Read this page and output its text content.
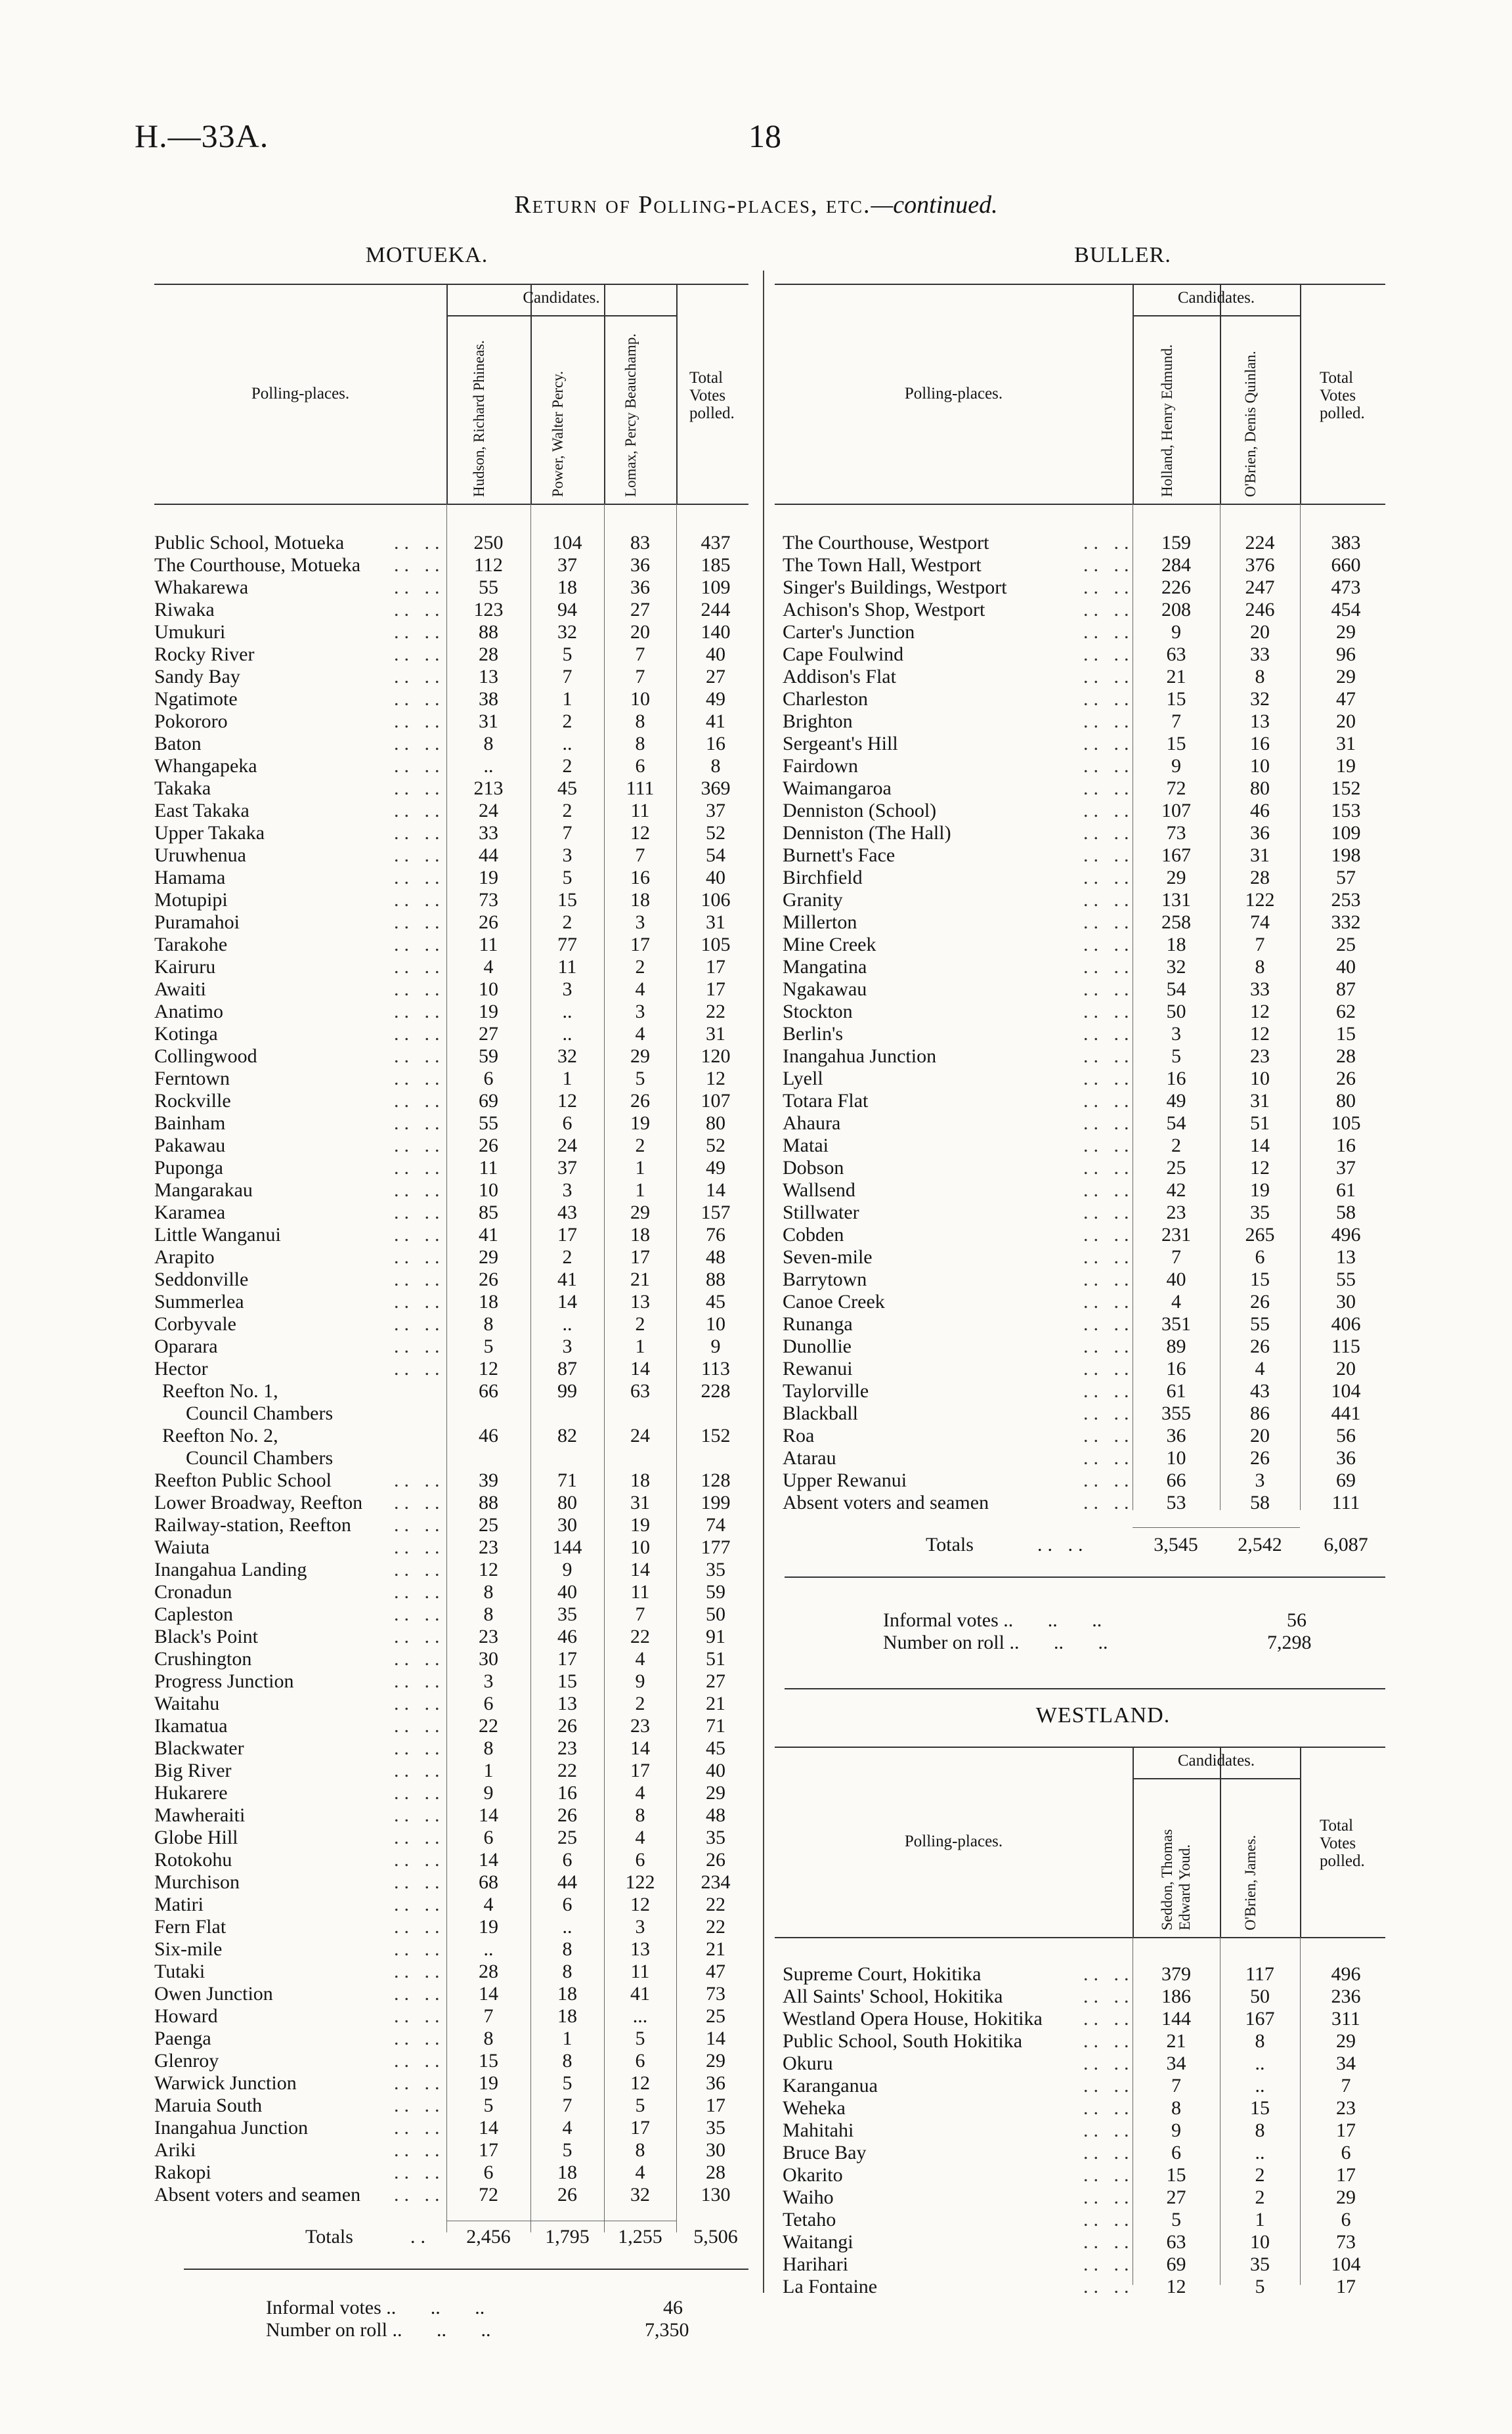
H.—33A.	18
Return of Polling-places, etc.—continued.
MOTUEKA.
Polling-places.
Candidates.
Total
Votes
polled.
Hudson, Richard Phineas.	Power, Walter Percy.	Lomax, Percy Beauchamp.
Public School, Motueka	.. ..	250	104	83	437
The Courthouse, Motueka .. ..	112	37	36	185
Whakarewa	.. ..	55	18	36	109
Riwaka	.. ..	123	94	27	244
Umukuri	.. ..	88	32	20	140
Rocky River	.. ..	28	5	7	40
Sandy Bay	.. ..	13	7	7	27
Ngatimote	.. ..	38	1	10	49
Pokororo	.. ..	31	2	8	41
Baton	.. ..	8	..	8	16
Whangapeka	.. ..	..	2	6	8
Takaka	.. ..	213	45	111	369
East Takaka	.. ..	24	2	11	37
Upper Takaka	.. ..	33	7	12	52
Uruwhenua	.. ..	44	3	7	54
Hamama	.. ..	19	5	16	40
Motupipi	.. ..	73	15	18	106
Puramahoi	.. ..	26	2	3	31
Tarakohe	.. ..	11	77	17	105
Kairuru	.. ..	4	11	2	17
Awaiti	.. ..	10	3	4	17
Anatimo	.. ..	19	..	3	22
Kotinga	.. ..	27	..	4	31
Collingwood	.. ..	59	32	29	120
Ferntown	.. ..	6	1	5	12
Rockville	.. ..	69	12	26	107
Bainham	.. ..	55	6	19	80
Pakawau	.. ..	26	24	2	52
Puponga	.. ..	11	37	1	49
Mangarakau	.. ..	10	3	1	14
Karamea	.. ..	85	43	29	157
Little Wanganui	.. ..	41	17	18	76
Arapito	.. ..	29	2	17	48
Seddonville	.. ..	26	41	21	88
Summerlea	.. ..	18	14	13	45
Corbyvale	.. ..	8	..	2	10
Oparara	.. ..	5	3	1	9
Hector	.. ..	12	87	14	113
Reefton No. 1,
Council Chambers
66	99	63	228
Reefton No. 2,
Council Chambers
46	82	24	152
Reefton Public School	.. ..	39	71	18	128
Lower Broadway, Reefton .. ..	88	80	31	199
Railway-station, Reefton .. ..	25	30	19	74
Waiuta	.. ..	23	144	10	177
Inangahua Landing	.. ..	12	9	14	35
Cronadun	.. ..	8	40	11	59
Capleston	.. ..	8	35	7	50
Black's Point	.. ..	23	46	22	91
Crushington	.. ..	30	17	4	51
Progress Junction	.. ..	3	15	9	27
Waitahu	.. ..	6	13	2	21
Ikamatua	.. ..	22	26	23	71
Blackwater	.. ..	8	23	14	45
Big River	.. ..	1	22	17	40
Hukarere	.. ..	9	16	4	29
Mawheraiti	.. ..	14	26	8	48
Globe Hill	.. ..	6	25	4	35
Rotokohu	.. ..	14	6	6	26
Murchison	.. ..	68	44	122	234
Matiri	.. ..	4	6	12	22
Fern Flat	.. ..	19	..	3	22
Six-mile	.. ..	..	8	13	21
Tutaki	.. ..	28	8	11	47
Owen Junction	.. ..	14	18	41	73
Howard	.. ..	7	18	...	25
Paenga	.. ..	8	1	5	14
Glenroy	.. ..	15	8	6	29
Warwick Junction	.. ..	19	5	12	36
Maruia South	.. ..	5	7	5	17
Inangahua Junction	.. ..	14	4	17	35
Ariki	.. ..	17	5	8	30
Rakopi	.. ..	6	18	4	28
Absent voters and seamen .. ..	72	26	32	130
Totals	..	2,456	1,795	1,255	5,506
Informal votes ..       ..       ..	46
Number on roll ..       ..       ..	7,350
BULLER.
Polling-places.
Candidates.
Total
Votes
polled.
Holland, Henry Edmund.	O'Brien, Denis Quinlan.
The Courthouse, Westport	.. ..	159	224	383
The Town Hall, Westport	.. ..	284	376	660
Singer's Buildings, Westport	.. ..	226	247	473
Achison's Shop, Westport	.. ..	208	246	454
Carter's Junction	.. ..	9	20	29
Cape Foulwind	.. ..	63	33	96
Addison's Flat	.. ..	21	8	29
Charleston	.. ..	15	32	47
Brighton	.. ..	7	13	20
Sergeant's Hill	.. ..	15	16	31
Fairdown	.. ..	9	10	19
Waimangaroa	.. ..	72	80	152
Denniston (School)	.. ..	107	46	153
Denniston (The Hall)	.. ..	73	36	109
Burnett's Face	.. ..	167	31	198
Birchfield	.. ..	29	28	57
Granity	.. ..	131	122	253
Millerton	.. ..	258	74	332
Mine Creek	.. ..	18	7	25
Mangatina	.. ..	32	8	40
Ngakawau	.. ..	54	33	87
Stockton	.. ..	50	12	62
Berlin's	.. ..	3	12	15
Inangahua Junction	.. ..	5	23	28
Lyell	.. ..	16	10	26
Totara Flat	.. ..	49	31	80
Ahaura	.. ..	54	51	105
Matai	.. ..	2	14	16
Dobson	.. ..	25	12	37
Wallsend	.. ..	42	19	61
Stillwater	.. ..	23	35	58
Cobden	.. ..	231	265	496
Seven-mile	.. ..	7	6	13
Barrytown	.. ..	40	15	55
Canoe Creek	.. ..	4	26	30
Runanga	.. ..	351	55	406
Dunollie	.. ..	89	26	115
Rewanui	.. ..	16	4	20
Taylorville	.. ..	61	43	104
Blackball	.. ..	355	86	441
Roa	.. ..	36	20	56
Atarau	.. ..	10	26	36
Upper Rewanui	.. ..	66	3	69
Absent voters and seamen	.. ..	53	58	111
Totals	.. ..	3,545	2,542	6,087
Informal votes ..       ..       ..	56
Number on roll ..       ..       ..	7,298
WESTLAND.
Polling-places.
Candidates.
Total
Votes
polled.
Seddon, Thomas Edward Youd.	O'Brien, James.
Supreme Court, Hokitika	.. ..	379	117	496
All Saints' School, Hokitika	.. ..	186	50	236
Westland Opera House, Hokitika .. ..	144	167	311
Public School, South Hokitika	.. ..	21	8	29
Okuru	.. ..	34	..	34
Karanganua	.. ..	7	..	7
Weheka	.. ..	8	15	23
Mahitahi	.. ..	9	8	17
Bruce Bay	.. ..	6	..	6
Okarito	.. ..	15	2	17
Waiho	.. ..	27	2	29
Tetaho	.. ..	5	1	6
Waitangi	.. ..	63	10	73
Harihari	.. ..	69	35	104
La Fontaine	.. ..	12	5	17
